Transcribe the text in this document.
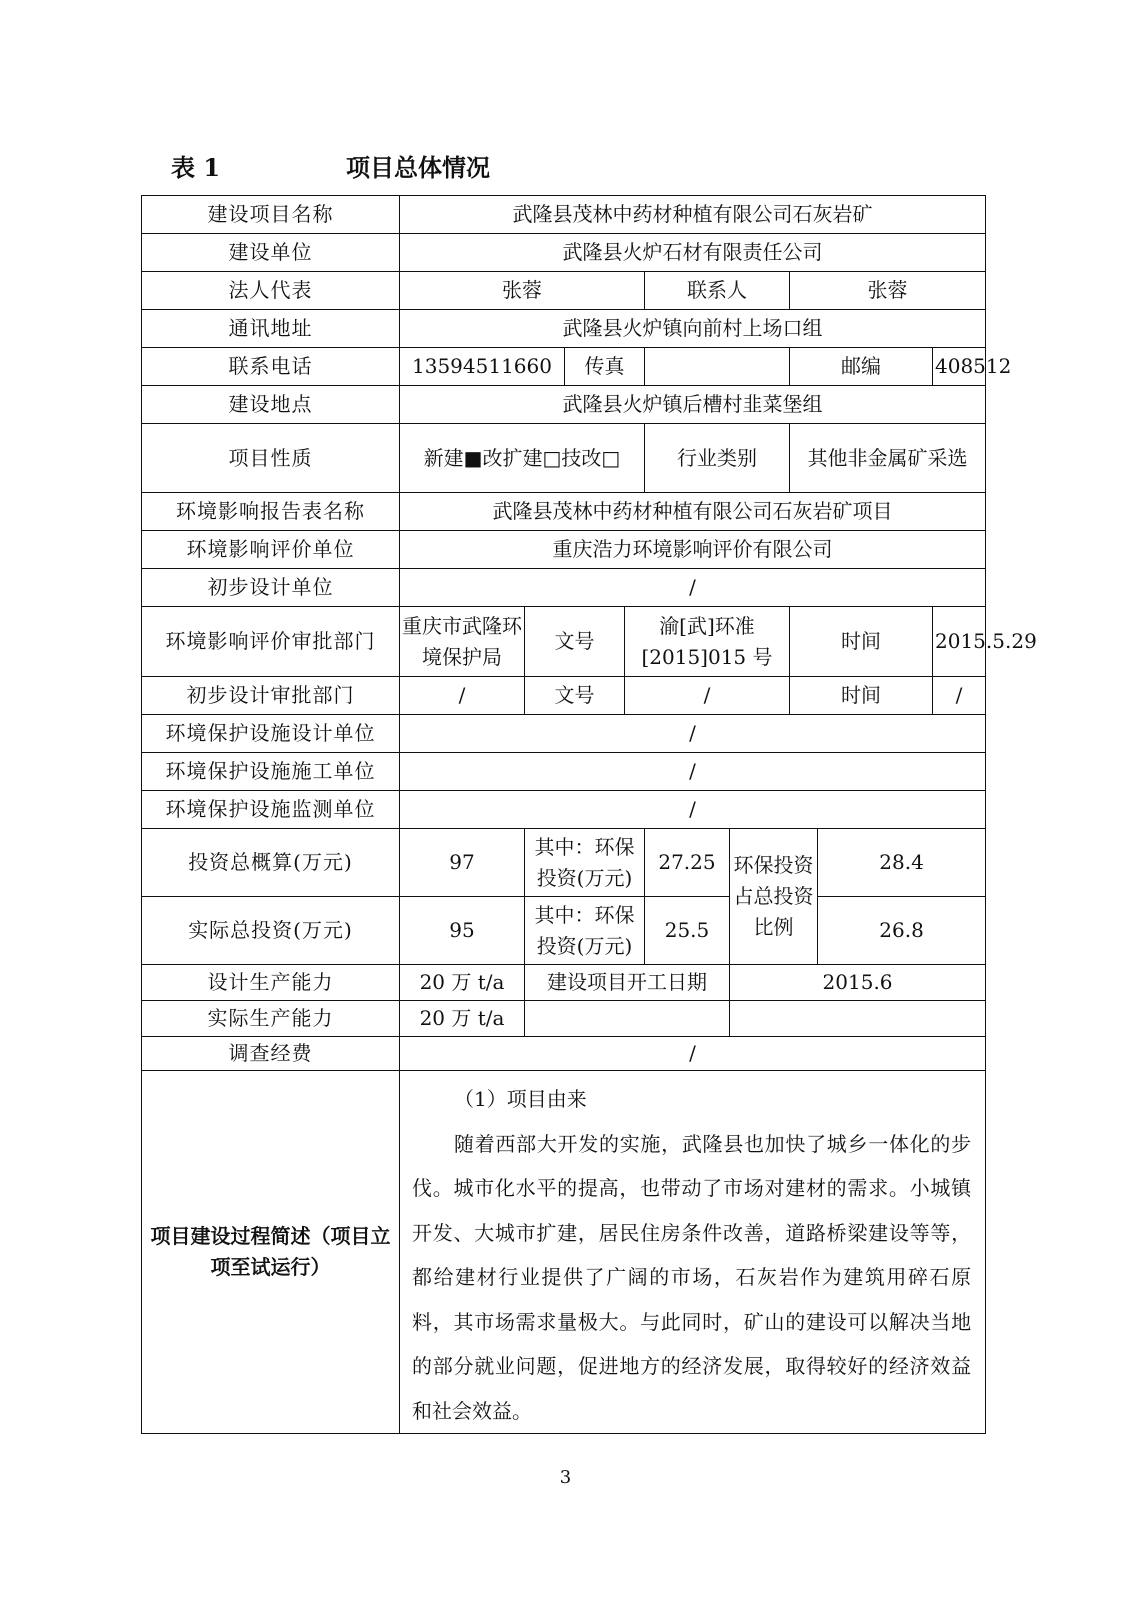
表 1	项目总体情况
建设项目名称	武隆县茂林中药材种植有限公司石灰岩矿								
建设单位	武隆县火炉石材有限责任公司								
法人代表	张蓉				联系人		张蓉		
通讯地址	武隆县火炉镇向前村上场口组								
联系电话	13594511660		传真				邮编		408512
建设地点	武隆县火炉镇后槽村韭菜堡组								
项目性质	新建■改扩建□技改□				行业类别		其他非金属矿采选		
环境影响报告表名称	武隆县茂林中药材种植有限公司石灰岩矿项目								
环境影响评价单位	重庆浩力环境影响评价有限公司								
初步设计单位	/								
环境影响评价审批部门	重庆市武隆环境保护局	文号		渝[武]环准[2015]015 号			时间		2015.5.29
初步设计审批部门	/	文号		/			时间		/
环境保护设施设计单位	/								
环境保护设施施工单位	/								
环境保护设施监测单位	/								
投资总概算(万元)	97	其中：环保投资(万元)			27.25	环保投资占总投资比例		28.4	
实际总投资(万元)	95	其中：环保投资(万元)			25.5			26.8	
设计生产能力	20 万 t/a	建设项目开工日期				2015.6			
实际生产能力	20 万 t/a								
调查经费	/								
项目建设过程简述（项目立项至试运行）	（1）项目由来

随着西部大开发的实施，武隆县也加快了城乡一体化的步伐。城市化水平的提高，也带动了市场对建材的需求。小城镇开发、大城市扩建，居民住房条件改善，道路桥梁建设等等，都给建材行业提供了广阔的市场，石灰岩作为建筑用碎石原料，其市场需求量极大。与此同时，矿山的建设可以解决当地的部分就业问题，促进地方的经济发展，取得较好的经济效益和社会效益。								

3
